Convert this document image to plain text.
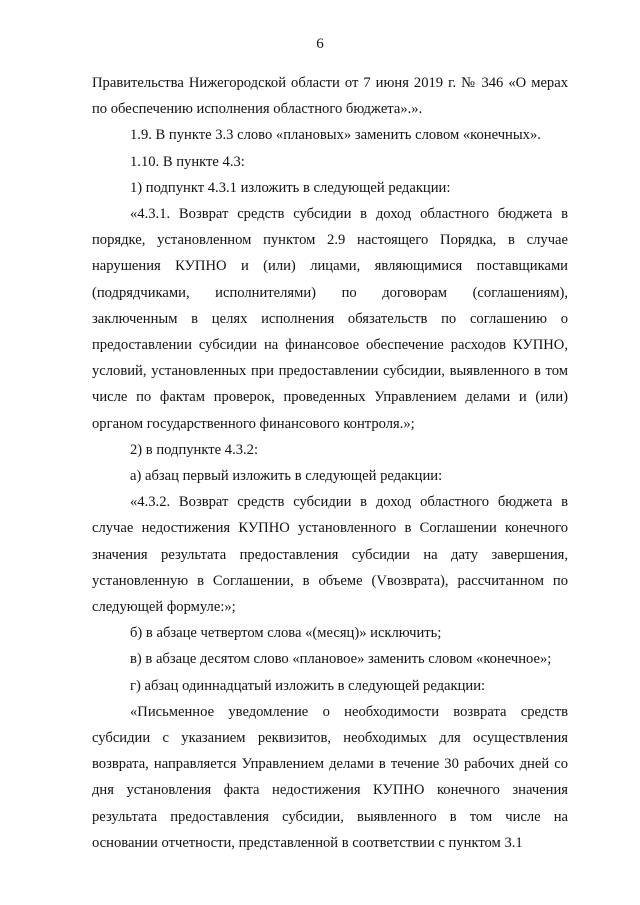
6

Правительства Нижегородской области от 7 июня 2019 г. № 346 «О мерах по обеспечению исполнения областного бюджета».».

1.9. В пункте 3.3 слово «плановых» заменить словом «конечных».

1.10. В пункте 4.3:

1) подпункт 4.3.1 изложить в следующей редакции:

«4.3.1. Возврат средств субсидии в доход областного бюджета в порядке, установленном пунктом 2.9 настоящего Порядка, в случае нарушения КУПНО и (или) лицами, являющимися поставщиками (подрядчиками, исполнителями) по договорам (соглашениям), заключенным в целях исполнения обязательств по соглашению о предоставлении субсидии на финансовое обеспечение расходов КУПНО, условий, установленных при предоставлении субсидии, выявленного в том числе по фактам проверок, проведенных Управлением делами и (или) органом государственного финансового контроля.»;

2) в подпункте 4.3.2:

а) абзац первый изложить в следующей редакции:

«4.3.2. Возврат средств субсидии в доход областного бюджета в случае недостижения КУПНО установленного в Соглашении конечного значения результата предоставления субсидии на дату завершения, установленную в Соглашении, в объеме (Vвозврата), рассчитанном по следующей формуле:»;

б) в абзаце четвертом слова «(месяц)» исключить;

в) в абзаце десятом слово «плановое» заменить словом «конечное»;

г) абзац одиннадцатый изложить в следующей редакции:

«Письменное уведомление о необходимости возврата средств субсидии с указанием реквизитов, необходимых для осуществления возврата, направляется Управлением делами в течение 30 рабочих дней со дня установления факта недостижения КУПНО конечного значения результата предоставления субсидии, выявленного в том числе на основании отчетности, представленной в соответствии с пунктом 3.1
